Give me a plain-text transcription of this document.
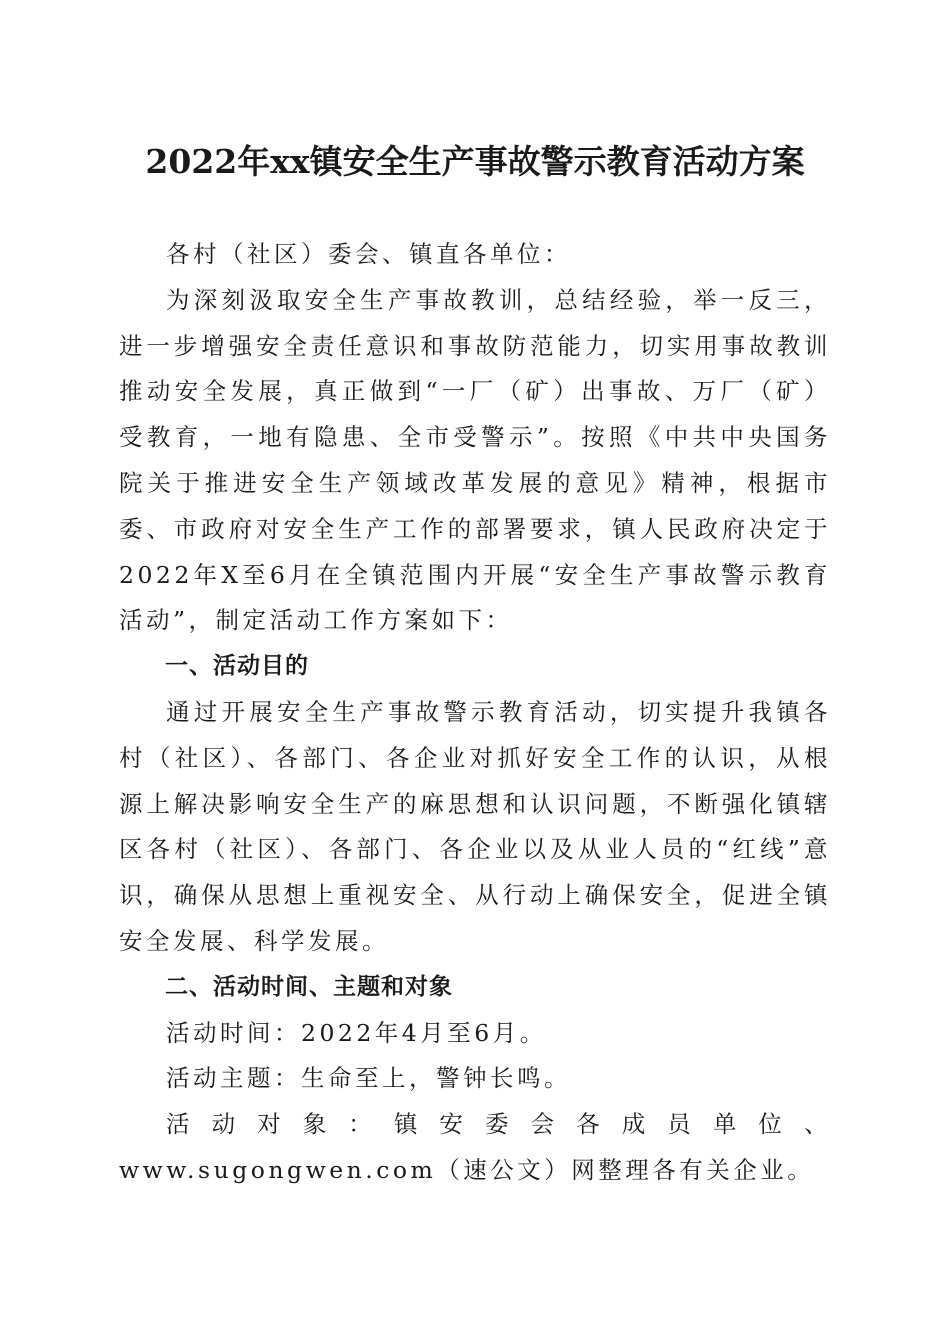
2022年xx镇安全生产事故警示教育活动方案

各村（社区）委会、镇直各单位：

为深刻汲取安全生产事故教训，总结经验，举一反三，进一步增强安全责任意识和事故防范能力，切实用事故教训推动安全发展，真正做到“一厂（矿）出事故、万厂（矿）受教育，一地有隐患、全市受警示”。按照《中共中央国务院关于推进安全生产领域改革发展的意见》精神，根据市委、市政府对安全生产工作的部署要求，镇人民政府决定于2022年X至6月在全镇范围内开展“安全生产事故警示教育活动”，制定活动工作方案如下：

一、活动目的

通过开展安全生产事故警示教育活动，切实提升我镇各村（社区）、各部门、各企业对抓好安全工作的认识，从根源上解决影响安全生产的麻思想和认识问题，不断强化镇辖区各村（社区）、各部门、各企业以及从业人员的“红线”意识，确保从思想上重视安全、从行动上确保安全，促进全镇安全发展、科学发展。

二、活动时间、主题和对象

活动时间：2022年4月至6月。

活动主题：生命至上，警钟长鸣。

活动对象：镇安委会各成员单位、www.sugongwen.com（速公文）网整理各有关企业。
